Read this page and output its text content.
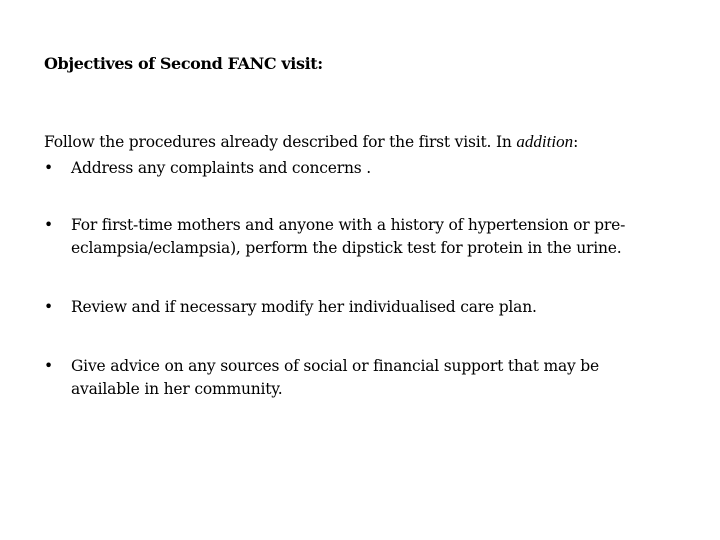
Objectives of Second FANC visit:
Follow the procedures already described for the first visit. In addition:
• Address any complaints and concerns .
• For first-time mothers and anyone with a history of hypertension or pre-
eclampsia/eclampsia), perform the dipstick test for protein in the urine.
• Review and if necessary modify her individualised care plan.
• Give advice on any sources of social or financial support that may be
available in her community.
